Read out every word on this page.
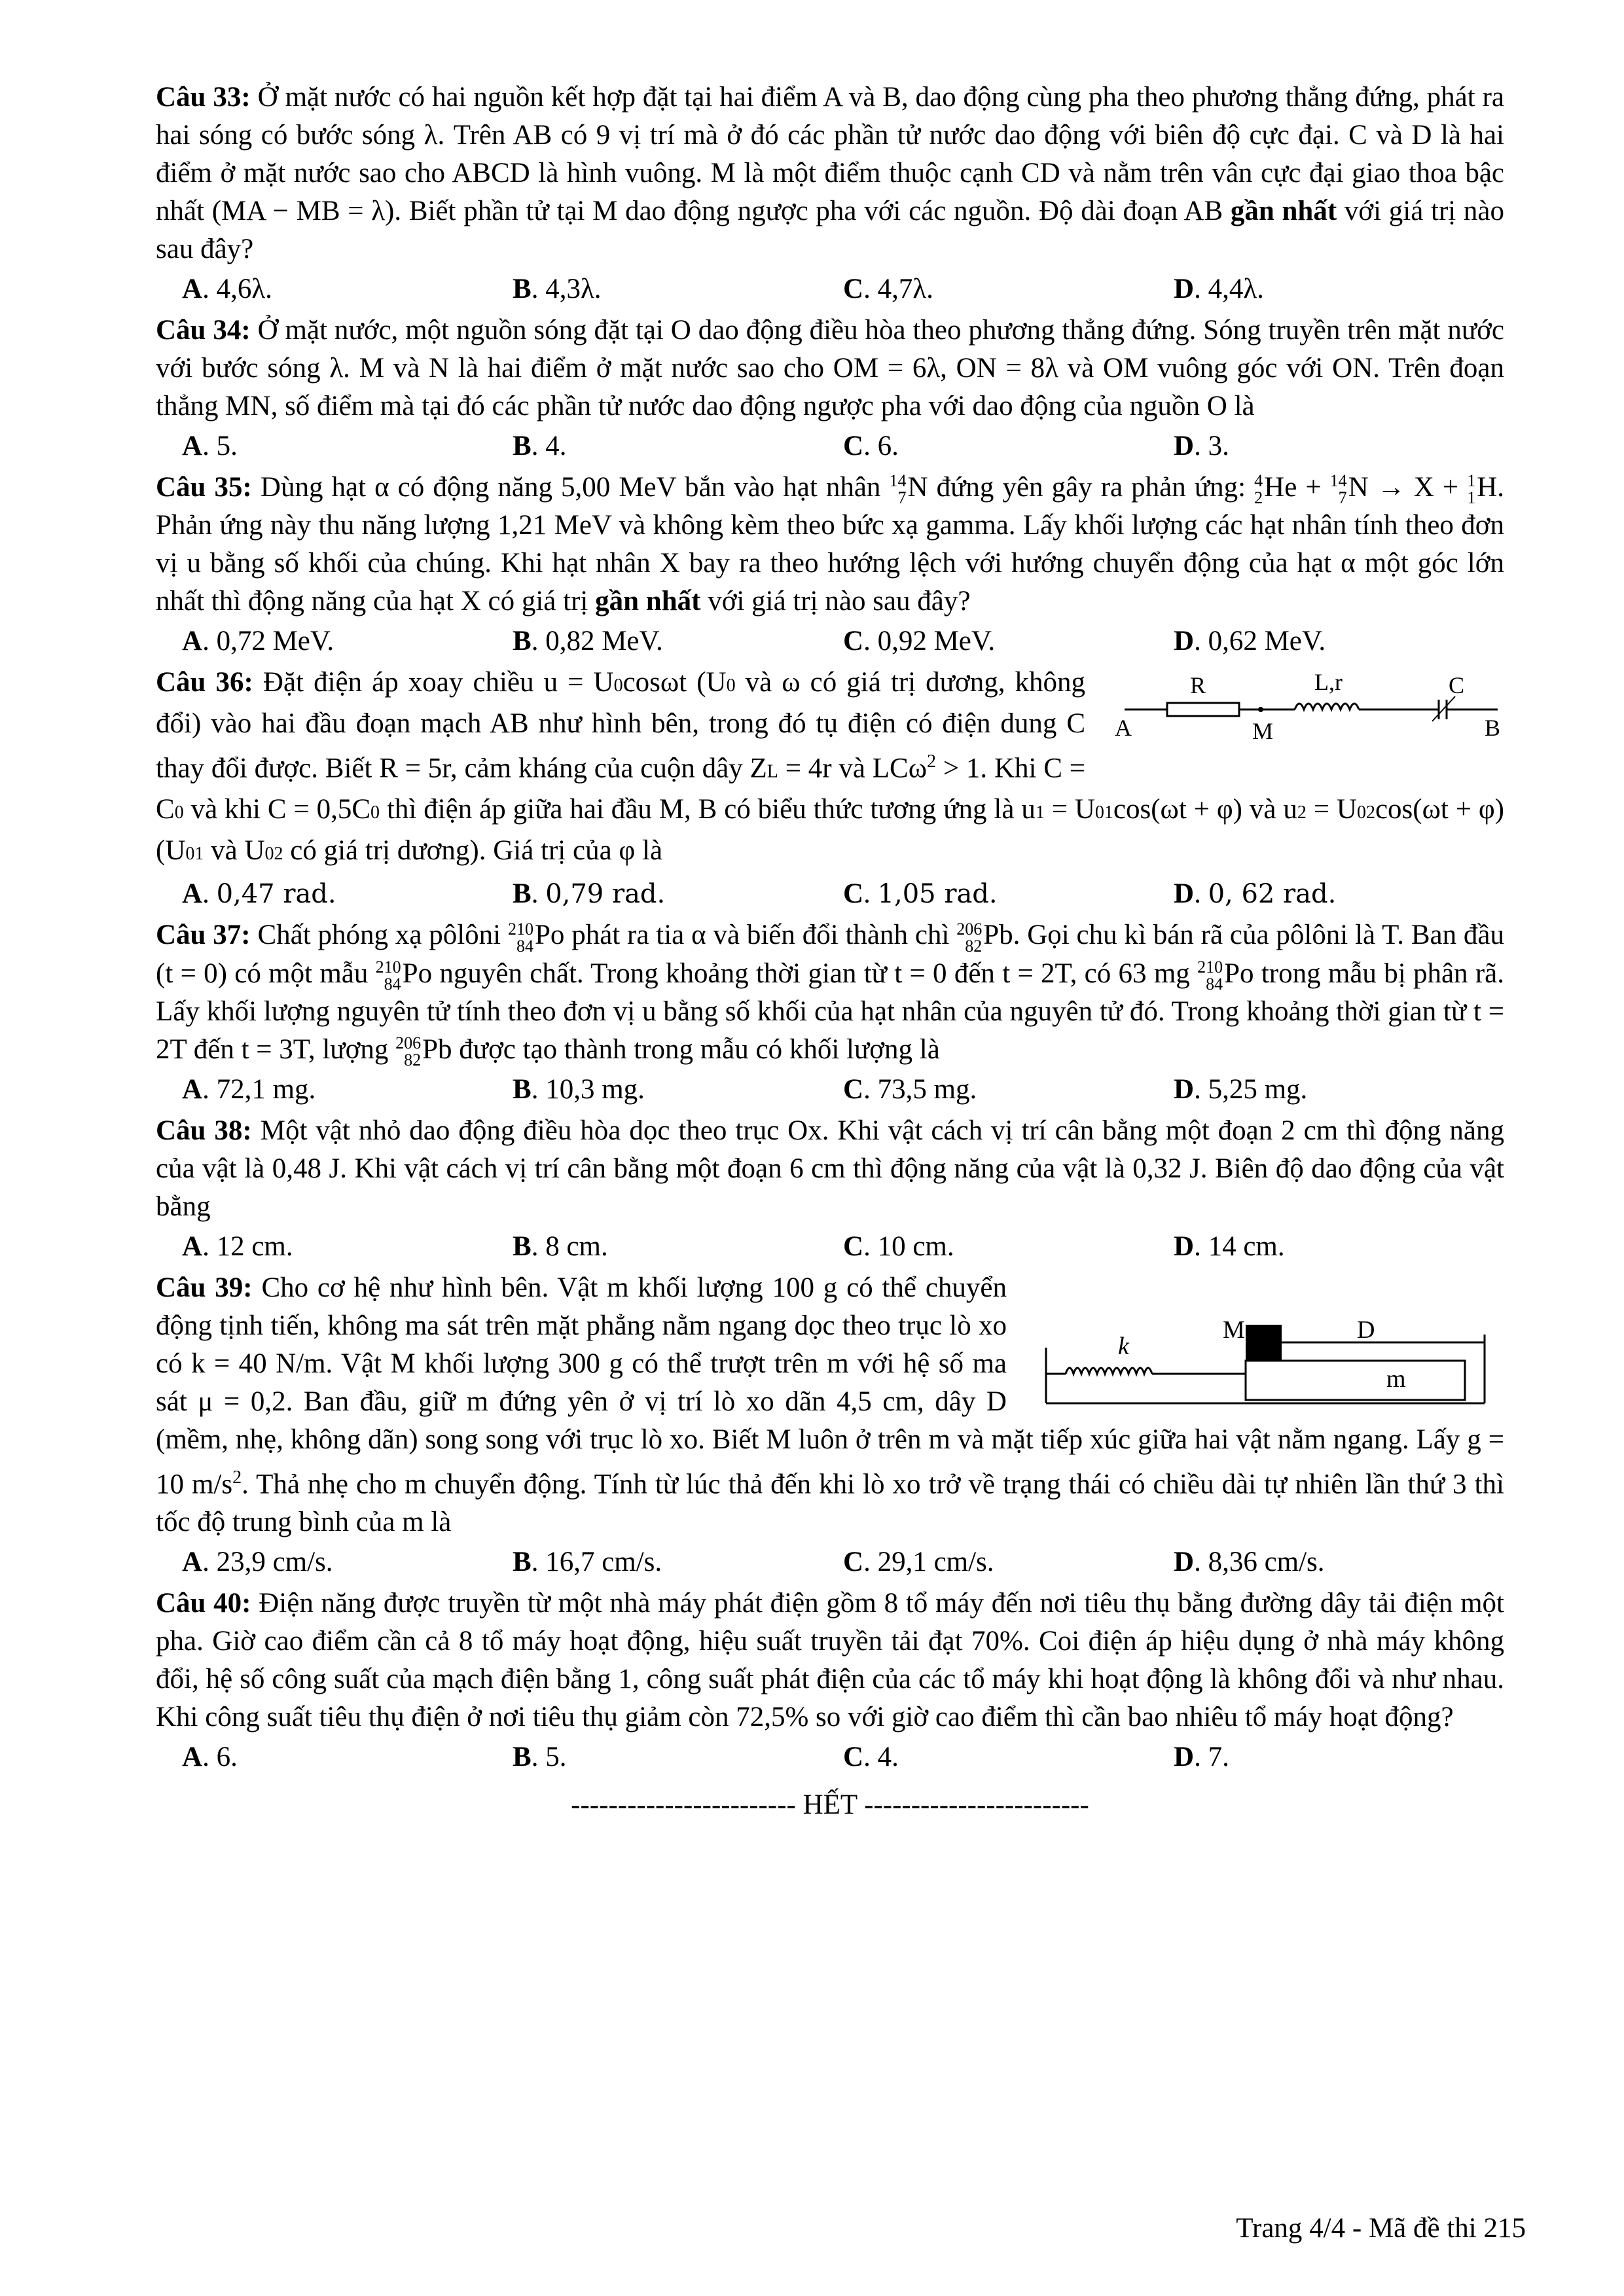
Câu 33: Ở mặt nước có hai nguồn kết hợp đặt tại hai điểm A và B, dao động cùng pha theo phương thẳng đứng, phát ra hai sóng có bước sóng λ. Trên AB có 9 vị trí mà ở đó các phần tử nước dao động với biên độ cực đại. C và D là hai điểm ở mặt nước sao cho ABCD là hình vuông. M là một điểm thuộc cạnh CD và nằm trên vân cực đại giao thoa bậc nhất (MA − MB = λ). Biết phần tử tại M dao động ngược pha với các nguồn. Độ dài đoạn AB gần nhất với giá trị nào sau đây?

A. 4,6λ.	B. 4,3λ.	C. 4,7λ.	D. 4,4λ.

Câu 34: Ở mặt nước, một nguồn sóng đặt tại O dao động điều hòa theo phương thẳng đứng. Sóng truyền trên mặt nước với bước sóng λ. M và N là hai điểm ở mặt nước sao cho OM = 6λ, ON = 8λ và OM vuông góc với ON. Trên đoạn thẳng MN, số điểm mà tại đó các phần tử nước dao động ngược pha với dao động của nguồn O là

A. 5.	B. 4.	C. 6.	D. 3.

Câu 35: Dùng hạt α có động năng 5,00 MeV bắn vào hạt nhân 14
7 N đứng yên gây ra phản ứng: 4
2 He + 14
7 N → X + 1
1 H. Phản ứng này thu năng lượng 1,21 MeV và không kèm theo bức xạ gamma. Lấy khối lượng các hạt nhân tính theo đơn vị u bằng số khối của chúng. Khi hạt nhân X bay ra theo hướng lệch với hướng chuyển động của hạt α một góc lớn nhất thì động năng của hạt X có giá trị gần nhất với giá trị nào sau đây?

A. 0,72 MeV.	B. 0,82 MeV.	C. 0,92 MeV.	D. 0,62 MeV.
R	L,r	C
A	M	B

Câu 36: Đặt điện áp xoay chiều u = U0cosωt (U0 và ω có giá trị dương, không đổi) vào hai đầu đoạn mạch AB như hình bên, trong đó tụ điện có điện dung C thay đổi được. Biết R = 5r, cảm kháng của cuộn dây ZL = 4r và LCω$^2$ > 1. Khi C = C0 và khi C = 0,5C0 thì điện áp giữa hai đầu M, B có biểu thức tương ứng là u1 = U01cos(ωt + φ) và u2 = U02cos(ωt + φ) (U01 và U02 có giá trị dương). Giá trị của φ là

A. 0,47 rad.	B. 0,79 rad.	C. 1,05 rad.	D. 0, 62 rad.

Câu 37: Chất phóng xạ pôlôni 210
84 Po phát ra tia α và biến đổi thành chì 206
82 Pb. Gọi chu kì bán rã của pôlôni là T. Ban đầu (t = 0) có một mẫu 210
84 Po nguyên chất. Trong khoảng thời gian từ t = 0 đến t = 2T, có 63 mg 210
84 Po trong mẫu bị phân rã. Lấy khối lượng nguyên tử tính theo đơn vị u bằng số khối của hạt nhân của nguyên tử đó. Trong khoảng thời gian từ t = 2T đến t = 3T, lượng 206
82 Pb được tạo thành trong mẫu có khối lượng là

A. 72,1 mg.	B. 10,3 mg.	C. 73,5 mg.	D. 5,25 mg.

Câu 38: Một vật nhỏ dao động điều hòa dọc theo trục Ox. Khi vật cách vị trí cân bằng một đoạn 2 cm thì động năng của vật là 0,48 J. Khi vật cách vị trí cân bằng một đoạn 6 cm thì động năng của vật là 0,32 J. Biên độ dao động của vật bằng

A. 12 cm.	B. 8 cm.	C. 10 cm.	D. 14 cm.
k
M	D
m

Câu 39: Cho cơ hệ như hình bên. Vật m khối lượng 100 g có thể chuyển động tịnh tiến, không ma sát trên mặt phẳng nằm ngang dọc theo trục lò xo có k = 40 N/m. Vật M khối lượng 300 g có thể trượt trên m với hệ số ma sát μ = 0,2. Ban đầu, giữ m đứng yên ở vị trí lò xo dãn 4,5 cm, dây D (mềm, nhẹ, không dãn) song song với trục lò xo. Biết M luôn ở trên m và mặt tiếp xúc giữa hai vật nằm ngang. Lấy g = 10 $m/s^2$. Thả nhẹ cho m chuyển động. Tính từ lúc thả đến khi lò xo trở về trạng thái có chiều dài tự nhiên lần thứ 3 thì tốc độ trung bình của m là

A. 23,9 cm/s.	B. 16,7 cm/s.	C. 29,1 cm/s.	D. 8,36 cm/s.

Câu 40: Điện năng được truyền từ một nhà máy phát điện gồm 8 tổ máy đến nơi tiêu thụ bằng đường dây tải điện một pha. Giờ cao điểm cần cả 8 tổ máy hoạt động, hiệu suất truyền tải đạt 70%. Coi điện áp hiệu dụng ở nhà máy không đổi, hệ số công suất của mạch điện bằng 1, công suất phát điện của các tổ máy khi hoạt động là không đổi và như nhau. Khi công suất tiêu thụ điện ở nơi tiêu thụ giảm còn 72,5% so với giờ cao điểm thì cần bao nhiêu tổ máy hoạt động?

A. 6.	B. 5.	C. 4.	D. 7.
------------------------ HẾT ------------------------
Trang 4/4 - Mã đề thi 215
